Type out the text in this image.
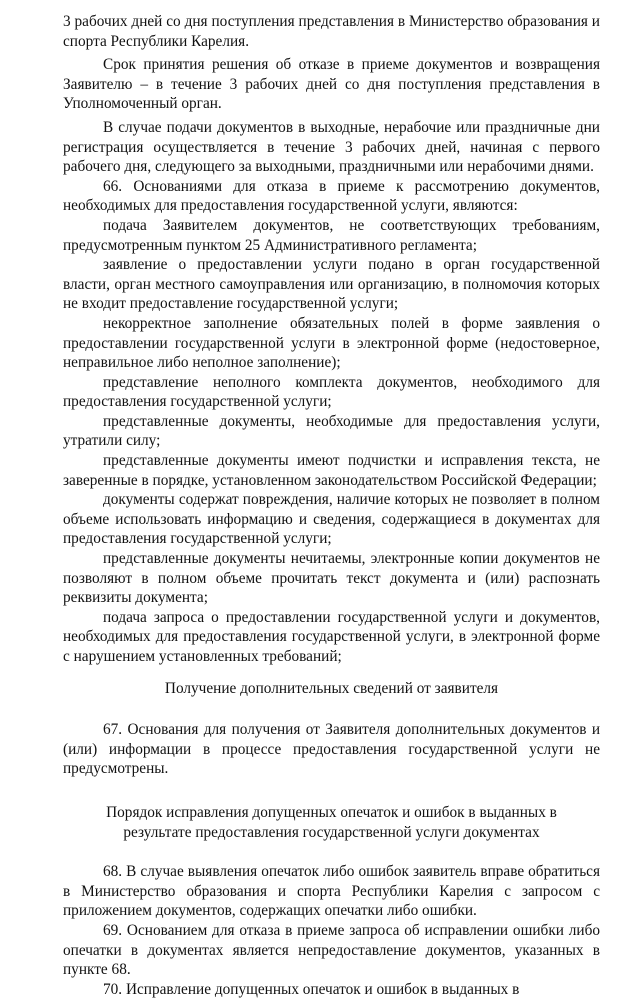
3 рабочих дней со дня поступления представления в Министерство образования и спорта Республики Карелия.

Срок принятия решения об отказе в приеме документов и возвращения Заявителю – в течение 3 рабочих дней со дня поступления представления в Уполномоченный орган.

В случае подачи документов в выходные, нерабочие или праздничные дни регистрация осуществляется в течение 3 рабочих дней, начиная с первого рабочего дня, следующего за выходными, праздничными или нерабочими днями.

66. Основаниями для отказа в приеме к рассмотрению документов, необходимых для предоставления государственной услуги, являются:

подача Заявителем документов, не соответствующих требованиям, предусмотренным пунктом 25 Административного регламента;

заявление о предоставлении услуги подано в орган государственной власти, орган местного самоуправления или организацию, в полномочия которых не входит предоставление государственной услуги;

некорректное заполнение обязательных полей в форме заявления о предоставлении государственной услуги в электронной форме (недостоверное, неправильное либо неполное заполнение);

представление неполного комплекта документов, необходимого для предоставления государственной услуги;

представленные документы, необходимые для предоставления услуги, утратили силу;

представленные документы имеют подчистки и исправления текста, не заверенные в порядке, установленном законодательством Российской Федерации;

документы содержат повреждения, наличие которых не позволяет в полном объеме использовать информацию и сведения, содержащиеся в документах для предоставления государственной услуги;

представленные документы нечитаемы, электронные копии документов не позволяют в полном объеме прочитать текст документа и (или) распознать реквизиты документа;

подача запроса о предоставлении государственной услуги и документов, необходимых для предоставления государственной услуги, в электронной форме с нарушением установленных требований;

Получение дополнительных сведений от заявителя

67. Основания для получения от Заявителя дополнительных документов и (или) информации в процессе предоставления государственной услуги не предусмотрены.

Порядок исправления допущенных опечаток и ошибок в выданных в результате предоставления государственной услуги документах

68. В случае выявления опечаток либо ошибок заявитель вправе обратиться в Министерство образования и спорта Республики Карелия с запросом с приложением документов, содержащих опечатки либо ошибки.

69. Основанием для отказа в приеме запроса об исправлении ошибки либо опечатки в документах является непредоставление документов, указанных в пункте 68.

70. Исправление допущенных опечаток и ошибок в выданных в
